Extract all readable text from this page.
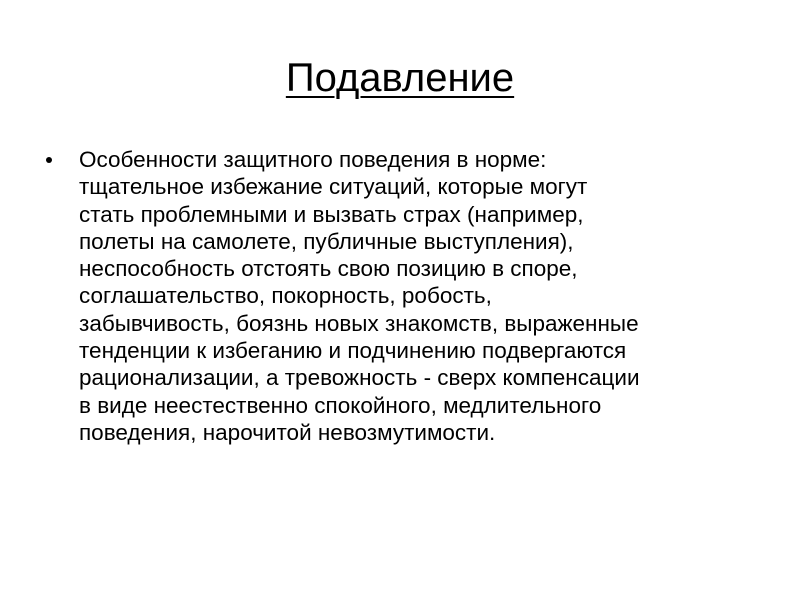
Подавление
Особенности защитного поведения в норме:
тщательное избежание ситуаций, которые могут
стать проблемными и вызвать страх (например,
полеты на самолете, публичные выступления),
неспособность отстоять свою позицию в споре,
соглашательство, покорность, робость,
забывчивость, боязнь новых знакомств, выраженные
тенденции к избеганию и подчинению подвергаются
рационализации, а тревожность - сверх компенсации
в виде неестественно спокойного, медлительного
поведения, нарочитой невозмутимости.
